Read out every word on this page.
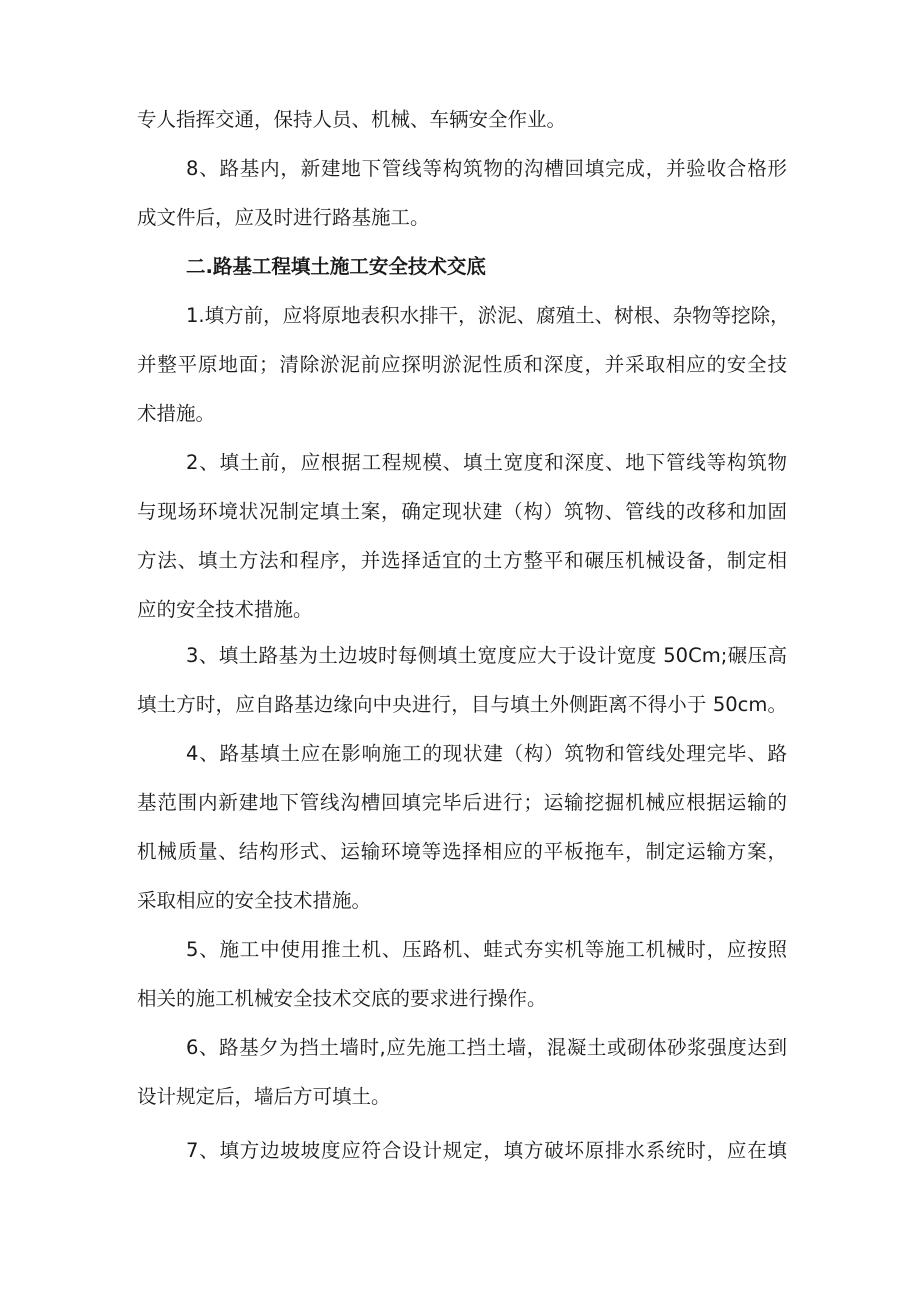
专人指挥交通，保持人员、机械、车辆安全作业。
8、路基内，新建地下管线等构筑物的沟槽回填完成，并验收合格形
成文件后，应及时进行路基施工。
二.路基工程填土施工安全技术交底
1.填方前，应将原地表积水排干，淤泥、腐殖土、树根、杂物等挖除，
并整平原地面；清除淤泥前应探明淤泥性质和深度，并采取相应的安全技
术措施。
2、填土前，应根据工程规模、填土宽度和深度、地下管线等构筑物
与现场环境状况制定填土案，确定现状建（构）筑物、管线的改移和加固
方法、填土方法和程序，并选择适宜的土方整平和碾压机械设备，制定相
应的安全技术措施。
3、填土路基为土边坡时每侧填土宽度应大于设计宽度 50Cm;碾压高
填土方时，应自路基边缘向中央进行，目与填土外侧距离不得小于 50cm。
4、路基填土应在影响施工的现状建（构）筑物和管线处理完毕、路
基范围内新建地下管线沟槽回填完毕后进行；运输挖掘机械应根据运输的
机械质量、结构形式、运输环境等选择相应的平板拖车，制定运输方案，
采取相应的安全技术措施。
5、施工中使用推土机、压路机、蛙式夯实机等施工机械时，应按照
相关的施工机械安全技术交底的要求进行操作。
6、路基夕为挡土墙时,应先施工挡土墙，混凝土或砌体砂浆强度达到
设计规定后，墙后方可填土。
7、填方边坡坡度应符合设计规定，填方破坏原排水系统时，应在填
